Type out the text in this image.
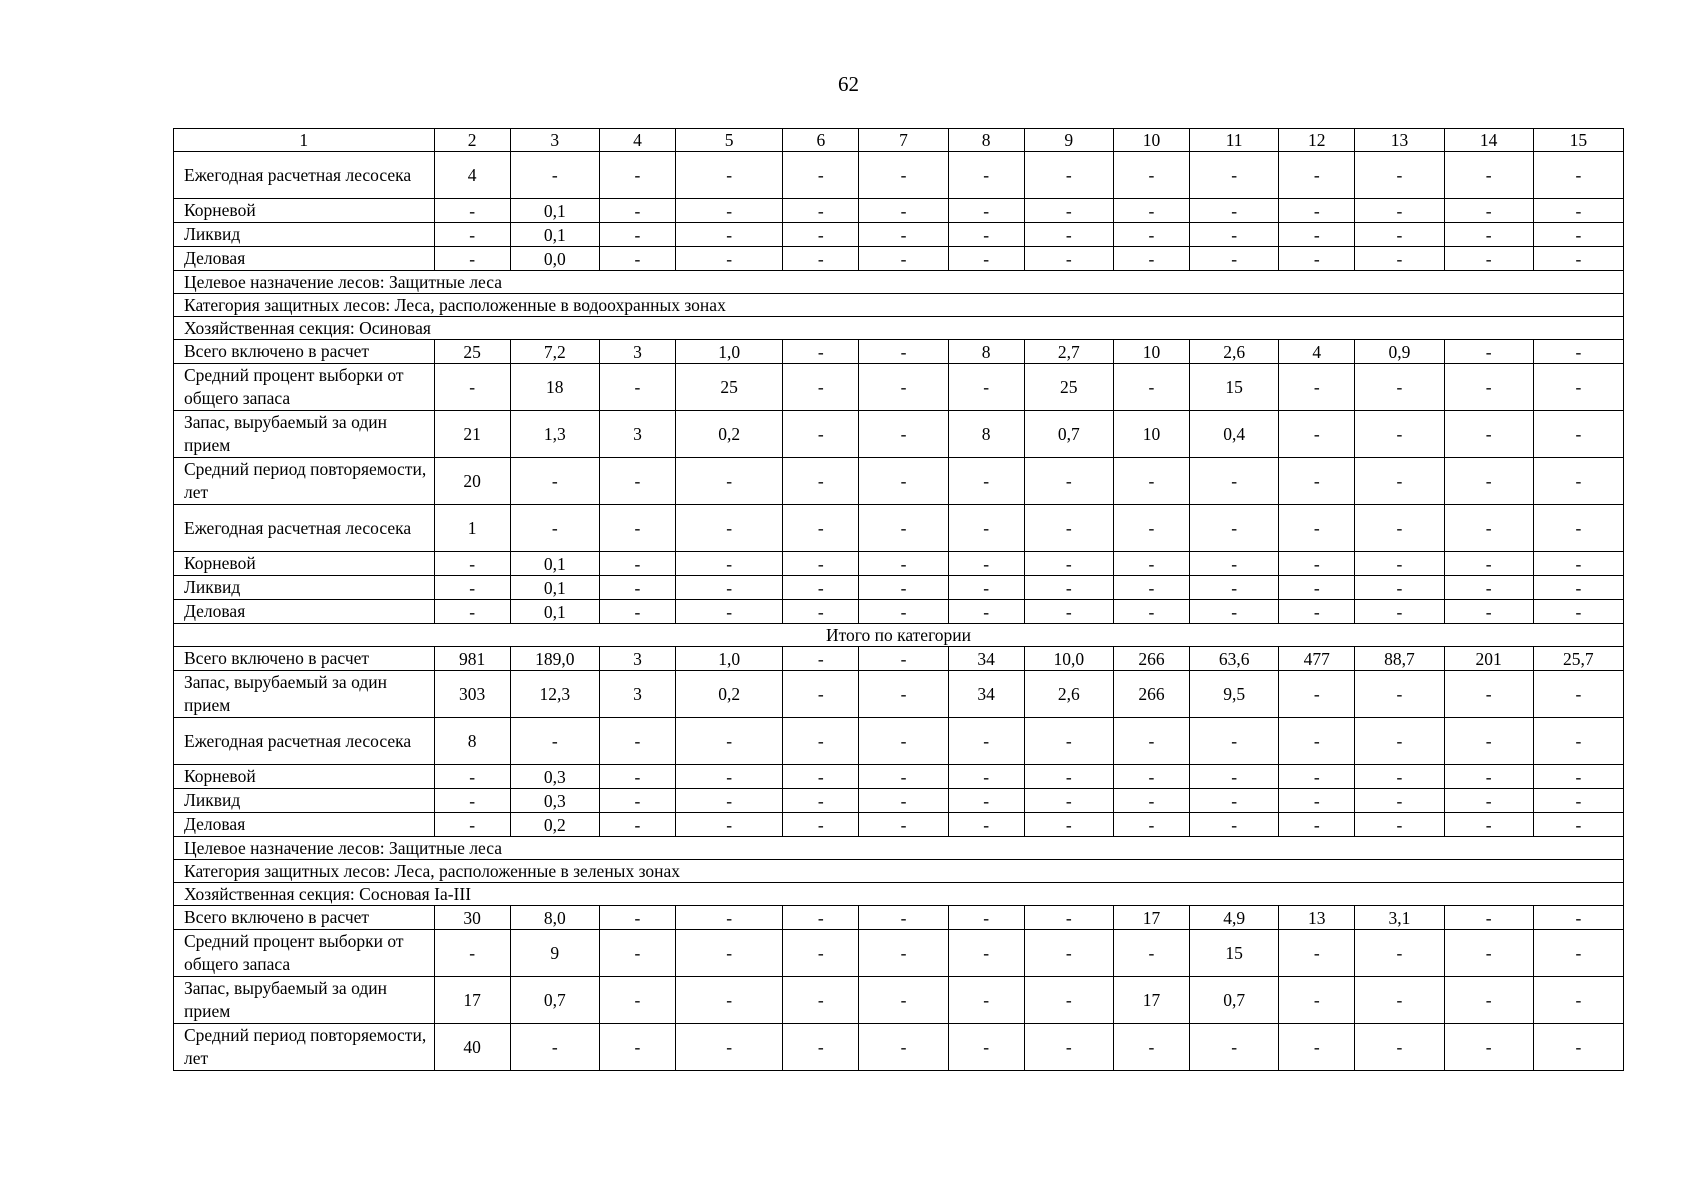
62
1	2	3	4	5	6	7	8	9	10	11	12	13	14	15
Ежегодная расчетная лесосека	4	-	-	-	-	-	-	-	-	-	-	-	-	-
Корневой	-	0,1	-	-	-	-	-	-	-	-	-	-	-	-
Ликвид	-	0,1	-	-	-	-	-	-	-	-	-	-	-	-
Деловая	-	0,0	-	-	-	-	-	-	-	-	-	-	-	-
Целевое назначение лесов: Защитные леса														
Категория защитных лесов: Леса, расположенные в водоохранных зонах														
Хозяйственная секция: Осиновая														
Всего включено в расчет	25	7,2	3	1,0	-	-	8	2,7	10	2,6	4	0,9	-	-
Средний процент выборки от общего запаса	-	18	-	25	-	-	-	25	-	15	-	-	-	-
Запас, вырубаемый за один прием	21	1,3	3	0,2	-	-	8	0,7	10	0,4	-	-	-	-
Средний период повторяемости, лет	20	-	-	-	-	-	-	-	-	-	-	-	-	-
Ежегодная расчетная лесосека	1	-	-	-	-	-	-	-	-	-	-	-	-	-
Корневой	-	0,1	-	-	-	-	-	-	-	-	-	-	-	-
Ликвид	-	0,1	-	-	-	-	-	-	-	-	-	-	-	-
Деловая	-	0,1	-	-	-	-	-	-	-	-	-	-	-	-
Итого по категории														
Всего включено в расчет	981	189,0	3	1,0	-	-	34	10,0	266	63,6	477	88,7	201	25,7
Запас, вырубаемый за один прием	303	12,3	3	0,2	-	-	34	2,6	266	9,5	-	-	-	-
Ежегодная расчетная лесосека	8	-	-	-	-	-	-	-	-	-	-	-	-	-
Корневой	-	0,3	-	-	-	-	-	-	-	-	-	-	-	-
Ликвид	-	0,3	-	-	-	-	-	-	-	-	-	-	-	-
Деловая	-	0,2	-	-	-	-	-	-	-	-	-	-	-	-
Целевое назначение лесов: Защитные леса														
Категория защитных лесов: Леса, расположенные в зеленых зонах														
Хозяйственная секция: Сосновая Ia-III														
Всего включено в расчет	30	8,0	-	-	-	-	-	-	17	4,9	13	3,1	-	-
Средний процент выборки от общего запаса	-	9	-	-	-	-	-	-	-	15	-	-	-	-
Запас, вырубаемый за один прием	17	0,7	-	-	-	-	-	-	17	0,7	-	-	-	-
Средний период повторяемости, лет	40	-	-	-	-	-	-	-	-	-	-	-	-	-
